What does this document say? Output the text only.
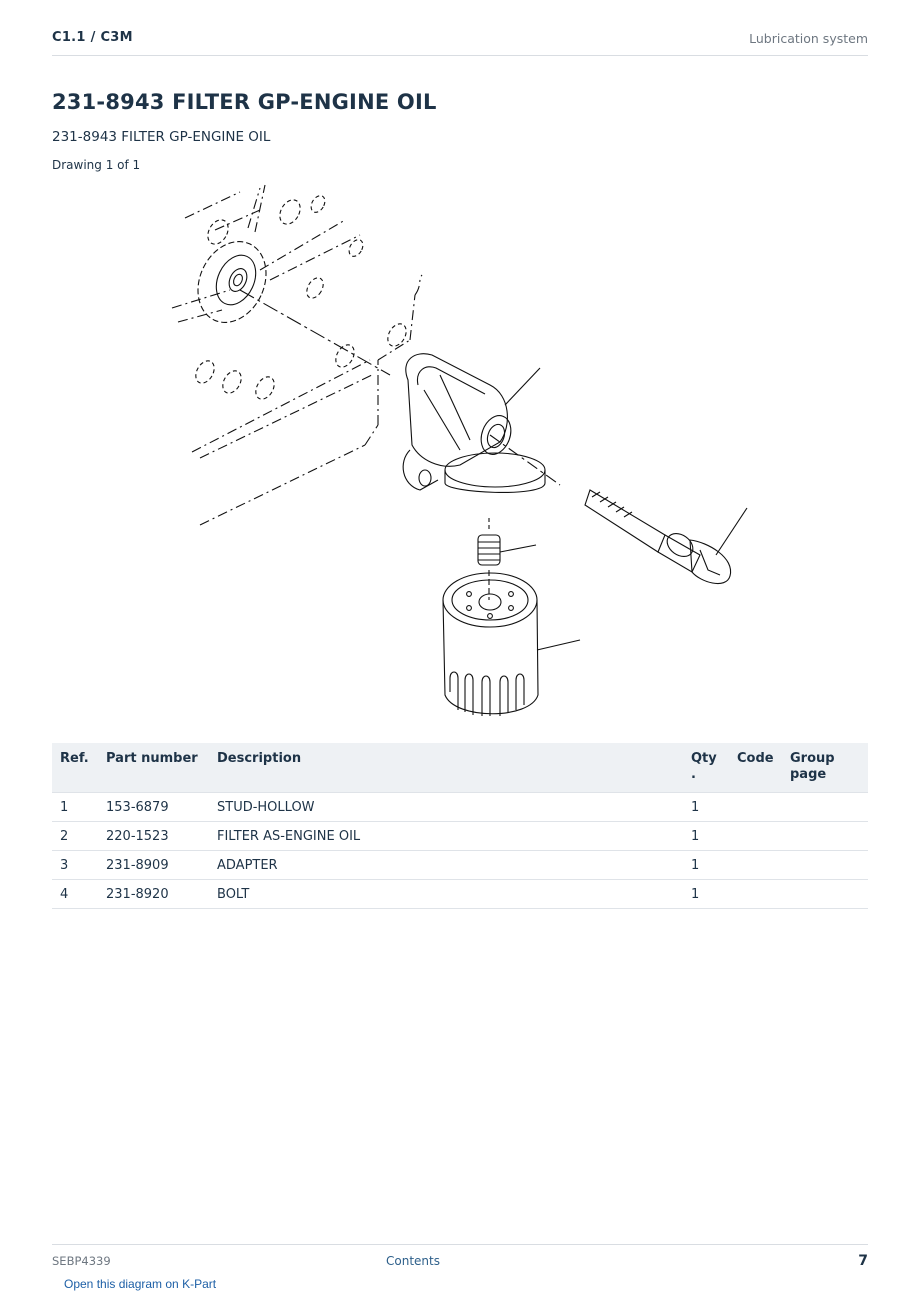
C1.1 / C3M	Lubrication system
231-8943 FILTER GP-ENGINE OIL
231-8943 FILTER GP-ENGINE OIL
Drawing 1 of 1
Ref.	Part number	Description	Qty .	Code	Group page
1	153-6879	STUD-HOLLOW	1		
2	220-1523	FILTER AS-ENGINE OIL	1		
3	231-8909	ADAPTER	1		
4	231-8920	BOLT	1		
SEBP4339	Contents	7
Open this diagram on K-Part
